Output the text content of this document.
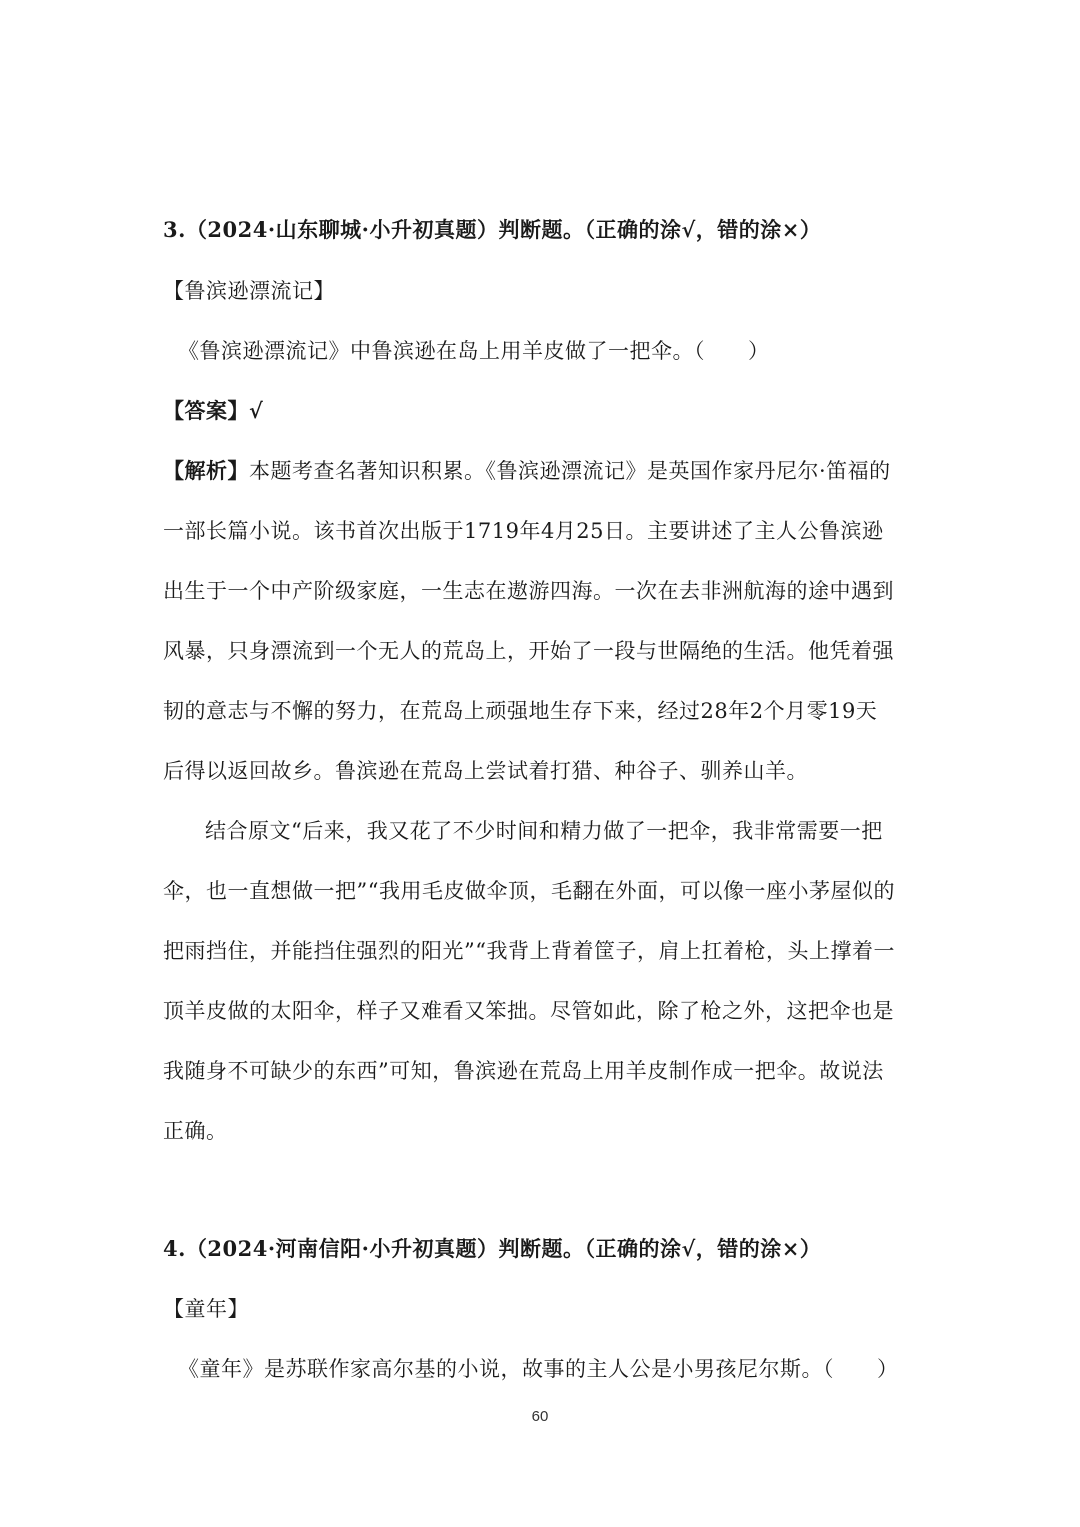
3.（2024·山东聊城·小升初真题）判断题。（正确的涂√，错的涂×）
【鲁滨逊漂流记】
《鲁滨逊漂流记》中鲁滨逊在岛上用羊皮做了一把伞。（　　）
【答案】√
【解析】本题考查名著知识积累。《鲁滨逊漂流记》是英国作家丹尼尔·笛福的
一部长篇小说。该书首次出版于1719年4月25日。主要讲述了主人公鲁滨逊
出生于一个中产阶级家庭，一生志在遨游四海。一次在去非洲航海的途中遇到
风暴，只身漂流到一个无人的荒岛上，开始了一段与世隔绝的生活。他凭着强
韧的意志与不懈的努力，在荒岛上顽强地生存下来，经过28年2个月零19天
后得以返回故乡。鲁滨逊在荒岛上尝试着打猎、种谷子、驯养山羊。
结合原文“后来，我又花了不少时间和精力做了一把伞，我非常需要一把
伞，也一直想做一把”“我用毛皮做伞顶，毛翻在外面，可以像一座小茅屋似的
把雨挡住，并能挡住强烈的阳光”“我背上背着筐子，肩上扛着枪，头上撑着一
顶羊皮做的太阳伞，样子又难看又笨拙。尽管如此，除了枪之外，这把伞也是
我随身不可缺少的东西”可知，鲁滨逊在荒岛上用羊皮制作成一把伞。故说法
正确。
4.（2024·河南信阳·小升初真题）判断题。（正确的涂√，错的涂×）
【童年】
《童年》是苏联作家高尔基的小说，故事的主人公是小男孩尼尔斯。（　　）
60
